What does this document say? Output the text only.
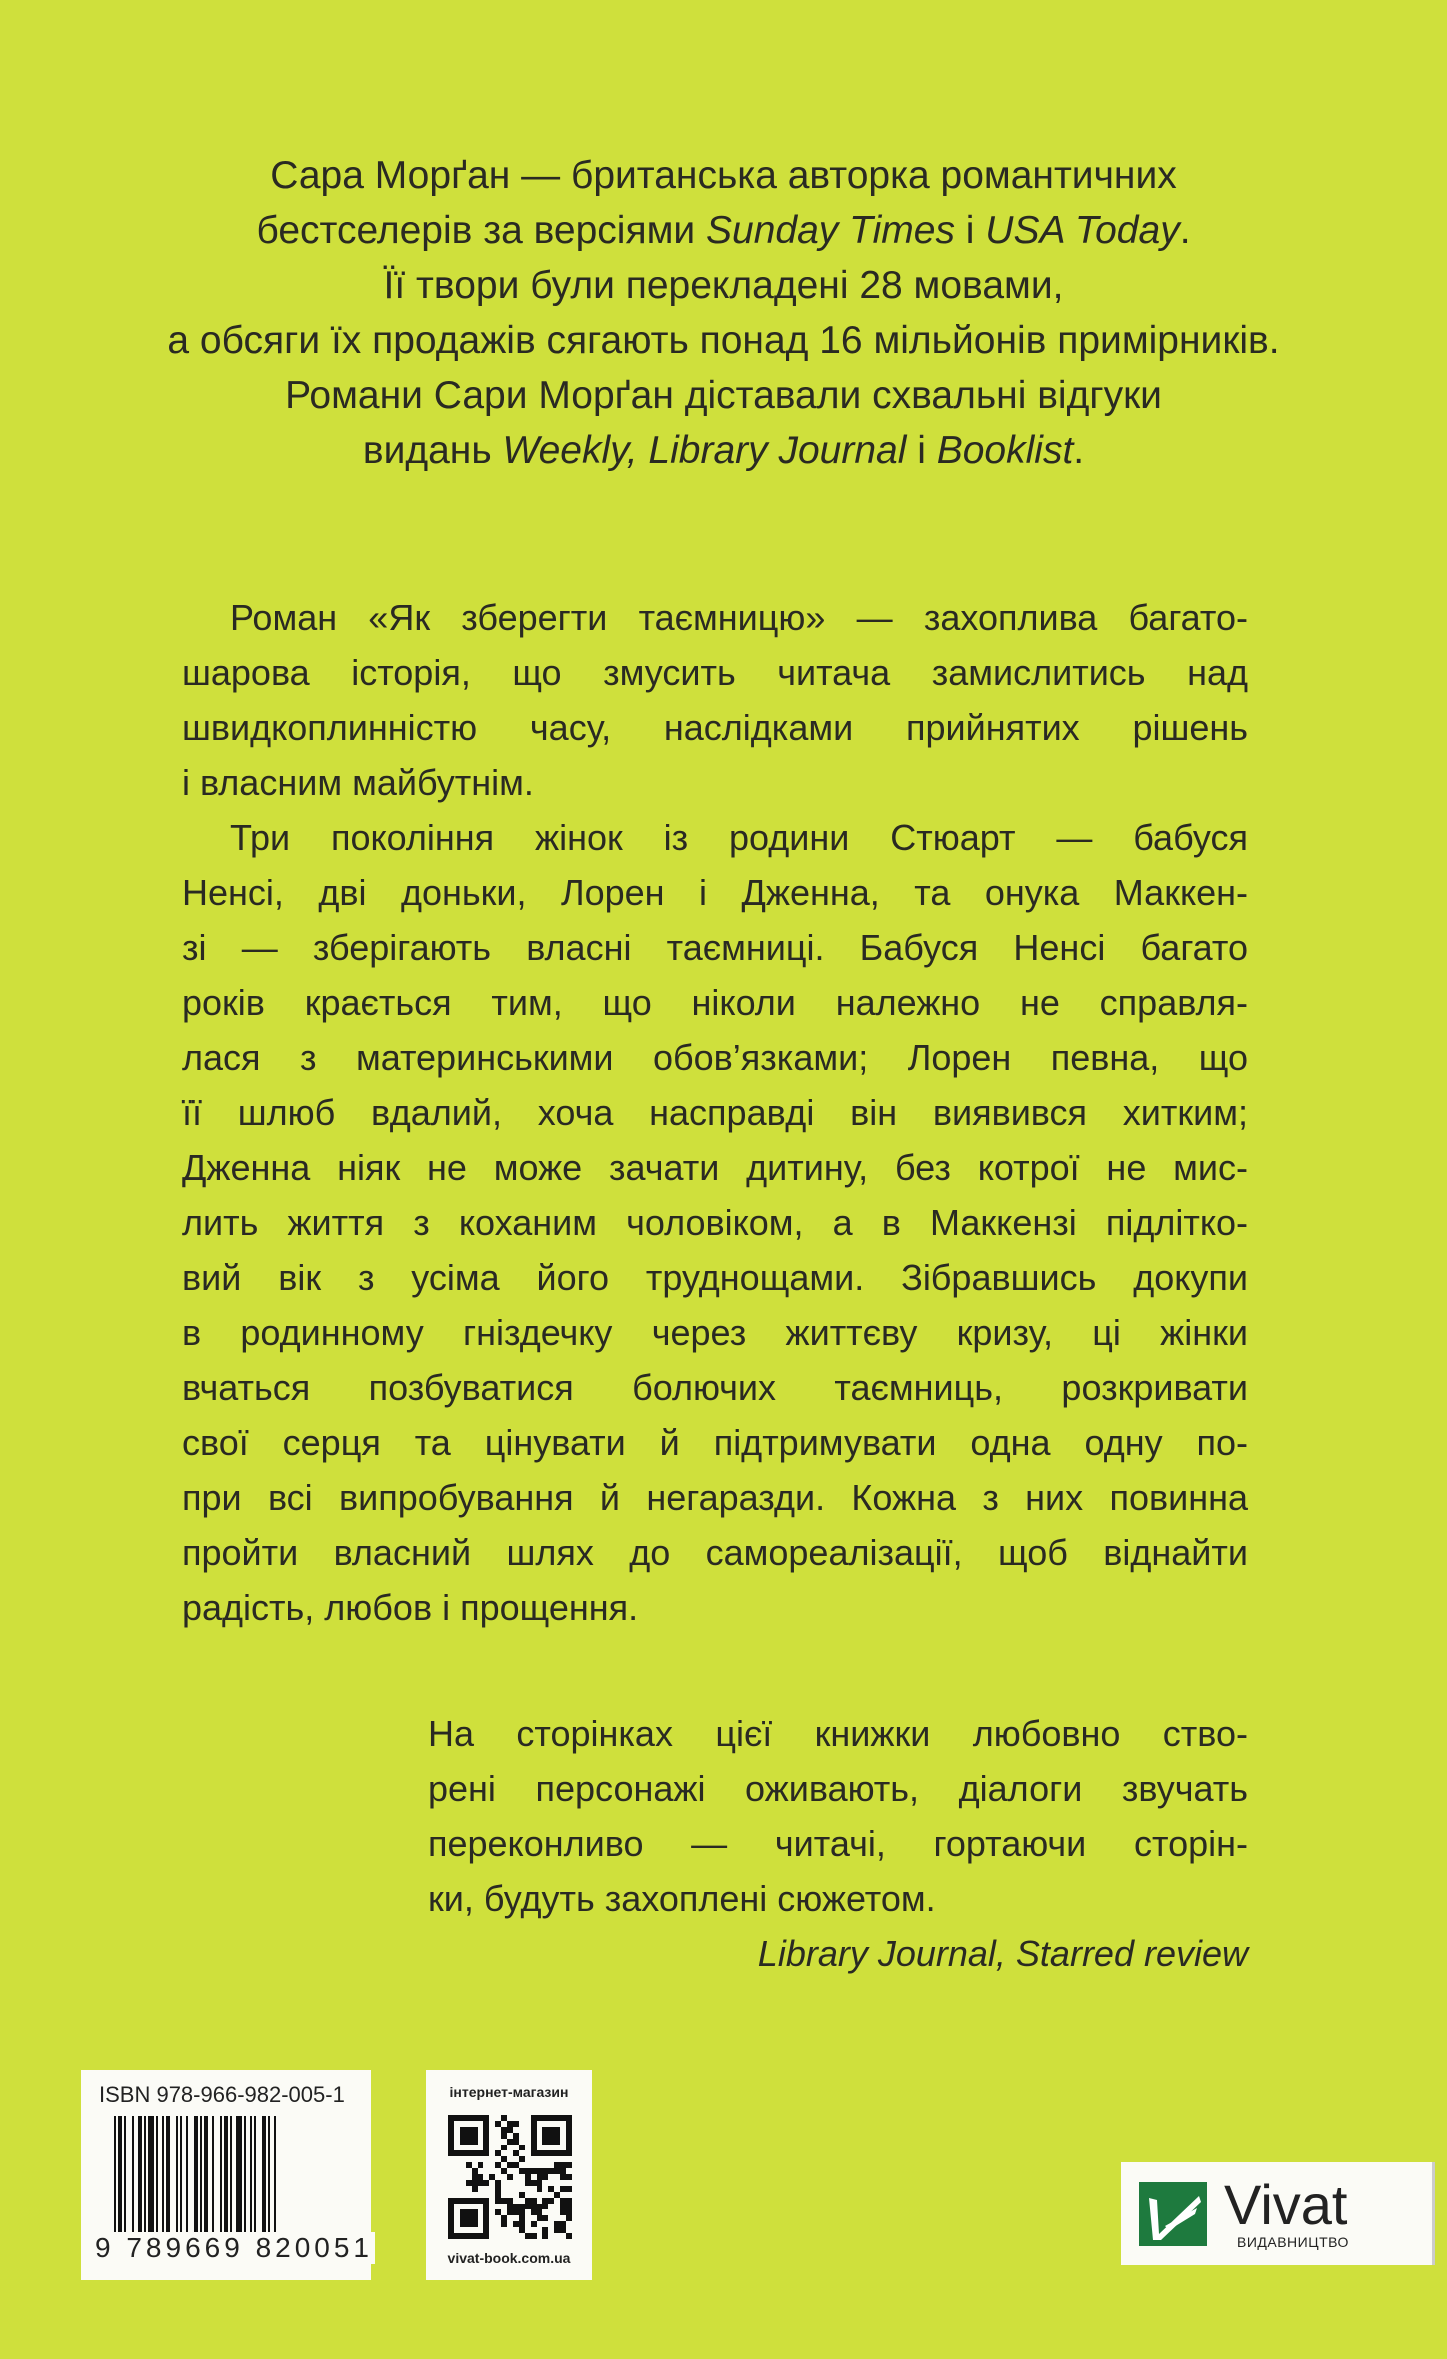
Сара Морґан — британська авторка романтичних
бестселерів за версіями Sunday Times і USA Today.
Її твори були перекладені 28 мовами,
а обсяги їх продажів сягають понад 16 мільйонів примірників.
Романи Сари Морґан діставали схвальні відгуки
видань Weekly, Library Journal і Booklist.
Роман «Як зберегти таємницю» — захоплива багато-
шарова історія, що змусить читача замислитись над
швидкоплинністю часу, наслідками прийнятих рішень
і власним майбутнім.
Три покоління жінок із родини Стюарт — бабуся
Ненсі, дві доньки, Лорен і Дженна, та онука Маккен-
зі — зберігають власні таємниці. Бабуся Ненсі багато
років крається тим, що ніколи належно не справля-
лася з материнськими обов’язками; Лорен певна, що
її шлюб вдалий, хоча насправді він виявився хитким;
Дженна ніяк не може зачати дитину, без котрої не мис-
лить життя з коханим чоловіком, а в Маккензі підлітко-
вий вік з усіма його труднощами. Зібравшись докупи
в родинному гніздечку через життєву кризу, ці жінки
вчаться позбуватися болючих таємниць, розкривати
свої серця та цінувати й підтримувати одна одну по-
при всі випробування й негаразди. Кожна з них повинна
пройти власний шлях до самореалізації, щоб віднайти
радість, любов і прощення.
На сторінках цієї книжки любовно ство-
рені персонажі оживають, діалоги звучать
переконливо — читачі, гортаючи сторін-
ки, будуть захоплені сюжетом.
Library Journal, Starred review
ISBN 978-966-982-005-1
9 789669 820051
інтернет-магазин
vivat-book.com.ua
Vivat
ВИДАВНИЦТВО
